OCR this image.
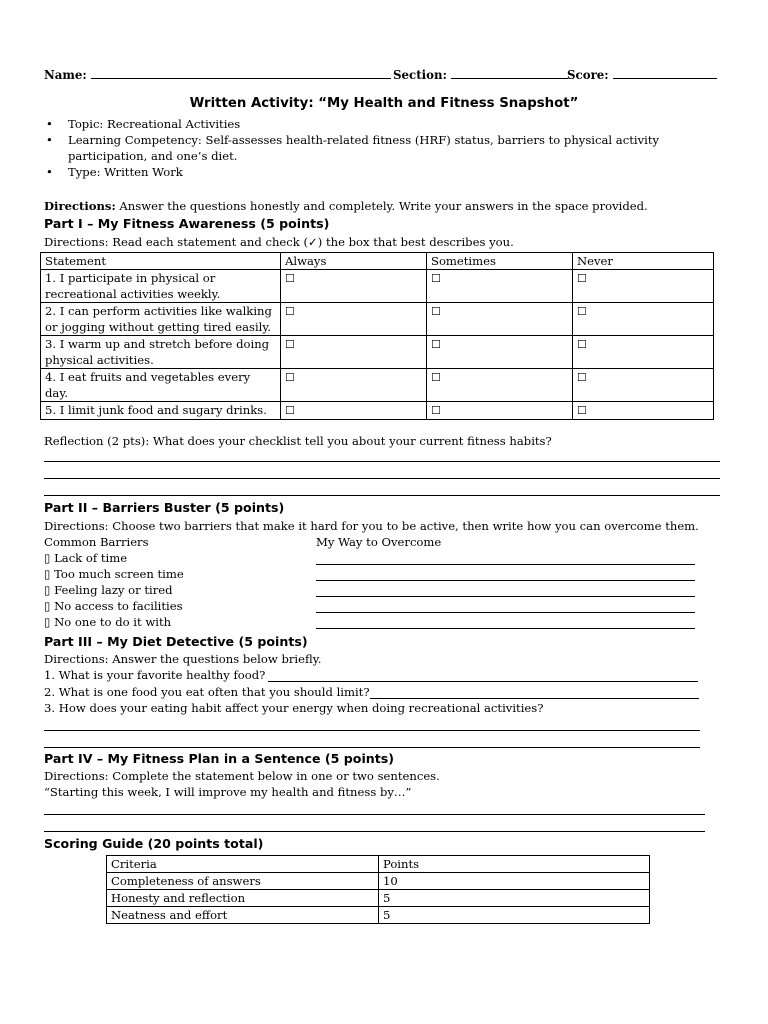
Name:	Section:	Score:
Written Activity: “My Health and Fitness Snapshot”
• Topic: Recreational Activities
• Learning Competency: Self-assesses health-related fitness (HRF) status, barriers to physical activity participation, and one’s diet.
• Type: Written Work
Directions: Answer the questions honestly and completely. Write your answers in the space provided.
Part I – My Fitness Awareness (5 points)
Directions: Read each statement and check (✓) the box that best describes you.
Statement	Always	Sometimes	Never
1. I participate in physical or
recreational activities weekly.	☐	☐	☐
2. I can perform activities like walking
or jogging without getting tired easily.	☐	☐	☐
3. I warm up and stretch before doing
physical activities.	☐	☐	☐
4. I eat fruits and vegetables every
day.	☐	☐	☐
5. I limit junk food and sugary drinks.	☐	☐	☐
Reflection (2 pts): What does your checklist tell you about your current fitness habits?
Part II – Barriers Buster (5 points)
Directions: Choose two barriers that make it hard for you to be active, then write how you can overcome them.
Common Barriers	My Way to Overcome
▯ Lack of time
▯ Too much screen time
▯ Feeling lazy or tired
▯ No access to facilities
▯ No one to do it with
Part III – My Diet Detective (5 points)
Directions: Answer the questions below briefly.
1. What is your favorite healthy food?
2. What is one food you eat often that you should limit?
3. How does your eating habit affect your energy when doing recreational activities?
Part IV – My Fitness Plan in a Sentence (5 points)
Directions: Complete the statement below in one or two sentences.
“Starting this week, I will improve my health and fitness by…”
Scoring Guide (20 points total)
Criteria	Points
Completeness of answers	10
Honesty and reflection	5
Neatness and effort	5
